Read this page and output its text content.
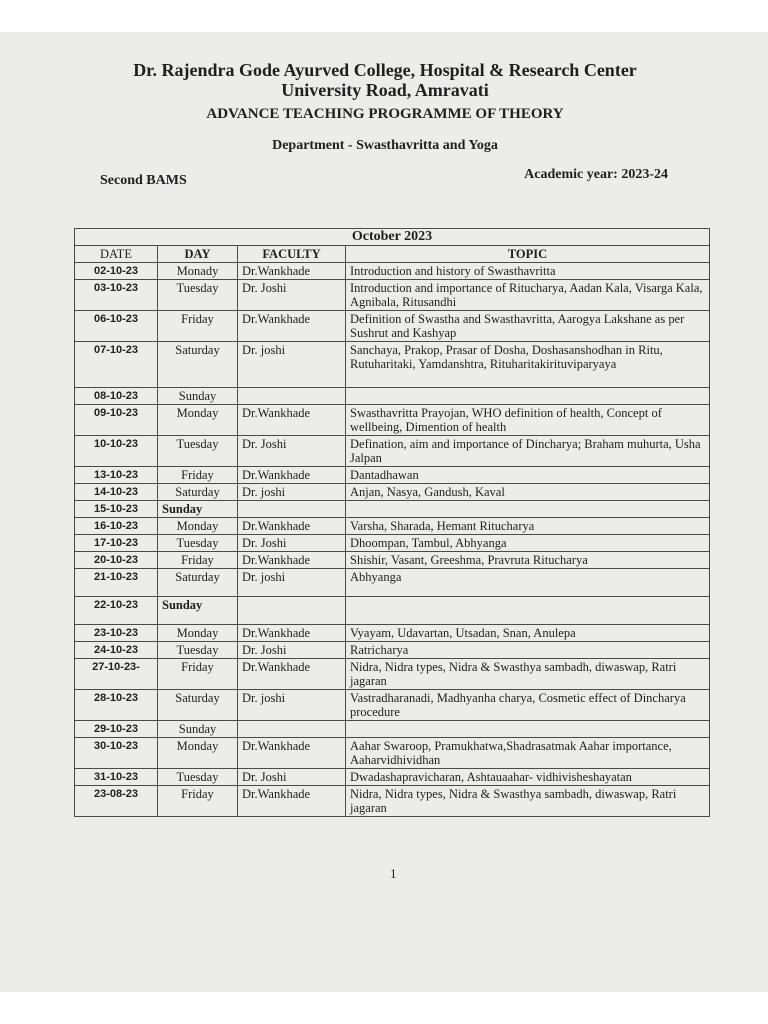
Dr. Rajendra Gode Ayurved College, Hospital & Research Center
University Road, Amravati
ADVANCE TEACHING PROGRAMME OF THEORY
Department - Swasthavritta and Yoga
Second BAMS	Academic year: 2023-24
October 2023			
DATE	DAY	FACULTY	TOPIC
02-10-23	Monady	Dr.Wankhade	Introduction and history of Swasthavritta
03-10-23	Tuesday	Dr. Joshi	Introduction and importance of Ritucharya, Aadan Kala, Visarga Kala, Agnibala, Ritusandhi
06-10-23	Friday	Dr.Wankhade	Definition of Swastha and Swasthavritta, Aarogya Lakshane as per Sushrut and Kashyap
07-10-23	Saturday	Dr. joshi	Sanchaya, Prakop, Prasar of Dosha, Doshasanshodhan in Ritu, Rutuharitaki, Yamdanshtra, Rituharitakirituviparyaya
08-10-23	Sunday		
09-10-23	Monday	Dr.Wankhade	Swasthavritta Prayojan, WHO definition of health, Concept of wellbeing, Dimention of health
10-10-23	Tuesday	Dr. Joshi	Defination, aim and importance of Dincharya; Braham muhurta, Usha Jalpan
13-10-23	Friday	Dr.Wankhade	Dantadhawan
14-10-23	Saturday	Dr. joshi	Anjan, Nasya, Gandush, Kaval
15-10-23	Sunday		
16-10-23	Monday	Dr.Wankhade	Varsha, Sharada, Hemant Ritucharya
17-10-23	Tuesday	Dr. Joshi	Dhoompan, Tambul, Abhyanga
20-10-23	Friday	Dr.Wankhade	Shishir, Vasant, Greeshma, Pravruta Ritucharya
21-10-23	Saturday	Dr. joshi	Abhyanga
22-10-23	Sunday		
23-10-23	Monday	Dr.Wankhade	Vyayam, Udavartan, Utsadan, Snan, Anulepa
24-10-23	Tuesday	Dr. Joshi	Ratricharya
27-10-23-	Friday	Dr.Wankhade	Nidra, Nidra types, Nidra & Swasthya sambadh, diwaswap, Ratri jagaran
28-10-23	Saturday	Dr. joshi	Vastradharanadi, Madhyanha charya, Cosmetic effect of Dincharya procedure
29-10-23	Sunday		
30-10-23	Monday	Dr.Wankhade	Aahar Swaroop, Pramukhatwa,Shadrasatmak Aahar importance, Aaharvidhividhan
31-10-23	Tuesday	Dr. Joshi	Dwadashapravicharan, Ashtauaahar- vidhivisheshayatan
23-08-23	Friday	Dr.Wankhade	Nidra, Nidra types, Nidra & Swasthya sambadh, diwaswap, Ratri jagaran
1
